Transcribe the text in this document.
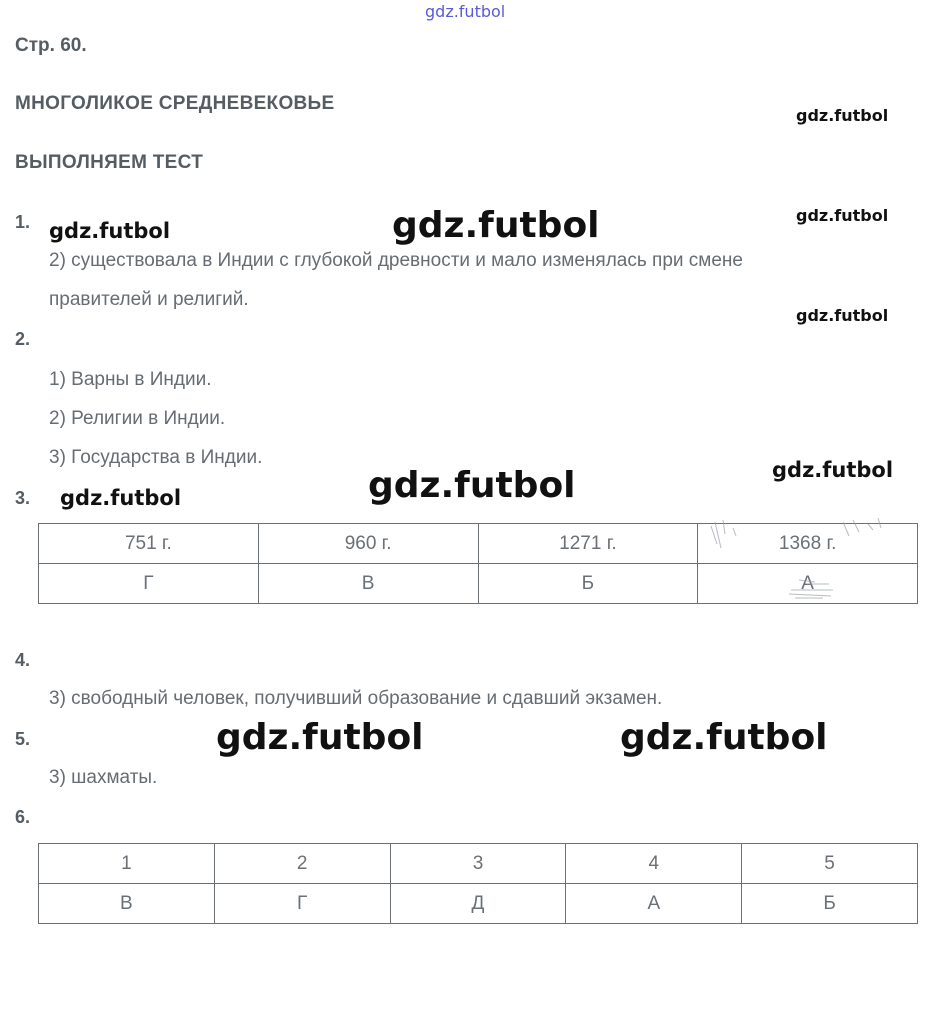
gdz.futbol
Стр. 60.
МНОГОЛИКОЕ СРЕДНЕВЕКОВЬЕ
ВЫПОЛНЯЕМ ТЕСТ
1.
2) существовала в Индии с глубокой древности и мало изменялась при смене
правителей и религий.
2.
1) Варны в Индии.
2) Религии в Индии.
3) Государства в Индии.
3.
751 г.	960 г.	1271 г.	1368 г.
Г	В	Б	А
4.
3) свободный человек, получивший образование и сдавший экзамен.
5.
3) шахматы.
6.
1	2	3	4	5
В	Г	Д	А	Б
gdz.futbol
gdz.futbol
gdz.futbol
gdz.futbol	gdz.futbol
gdz.futbol
gdz.futbol	gdz.futbol
gdz.futbol	gdz.futbol
